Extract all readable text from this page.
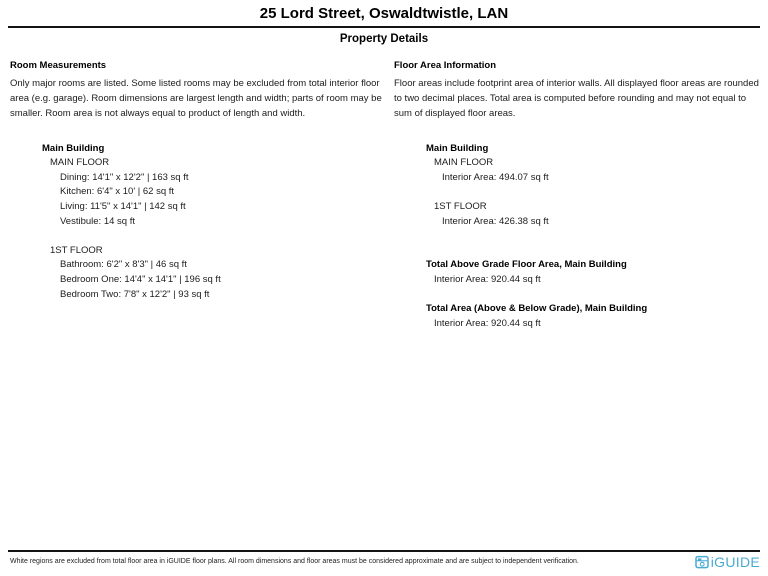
25 Lord Street, Oswaldtwistle, LAN
Property Details
Room Measurements
Only major rooms are listed. Some listed rooms may be excluded from total interior floor area (e.g. garage). Room dimensions are largest length and width; parts of room may be smaller. Room area is not always equal to product of length and width.
Main Building
MAIN FLOOR
Dining: 14'1" x 12'2" | 163 sq ft
Kitchen: 6'4" x 10' | 62 sq ft
Living: 11'5" x 14'1" | 142 sq ft
Vestibule: 14 sq ft
1ST FLOOR
Bathroom: 6'2" x 8'3" | 46 sq ft
Bedroom One: 14'4" x 14'1" | 196 sq ft
Bedroom Two: 7'8" x 12'2" | 93 sq ft
Floor Area Information
Floor areas include footprint area of interior walls. All displayed floor areas are rounded to two decimal places. Total area is computed before rounding and may not equal to sum of displayed floor areas.
Main Building
MAIN FLOOR
Interior Area: 494.07 sq ft
1ST FLOOR
Interior Area: 426.38 sq ft
Total Above Grade Floor Area, Main Building
Interior Area: 920.44 sq ft
Total Area (Above & Below Grade), Main Building
Interior Area: 920.44 sq ft
White regions are excluded from total floor area in iGUIDE floor plans. All room dimensions and floor areas must be considered approximate and are subject to independent verification.	iGUIDE
